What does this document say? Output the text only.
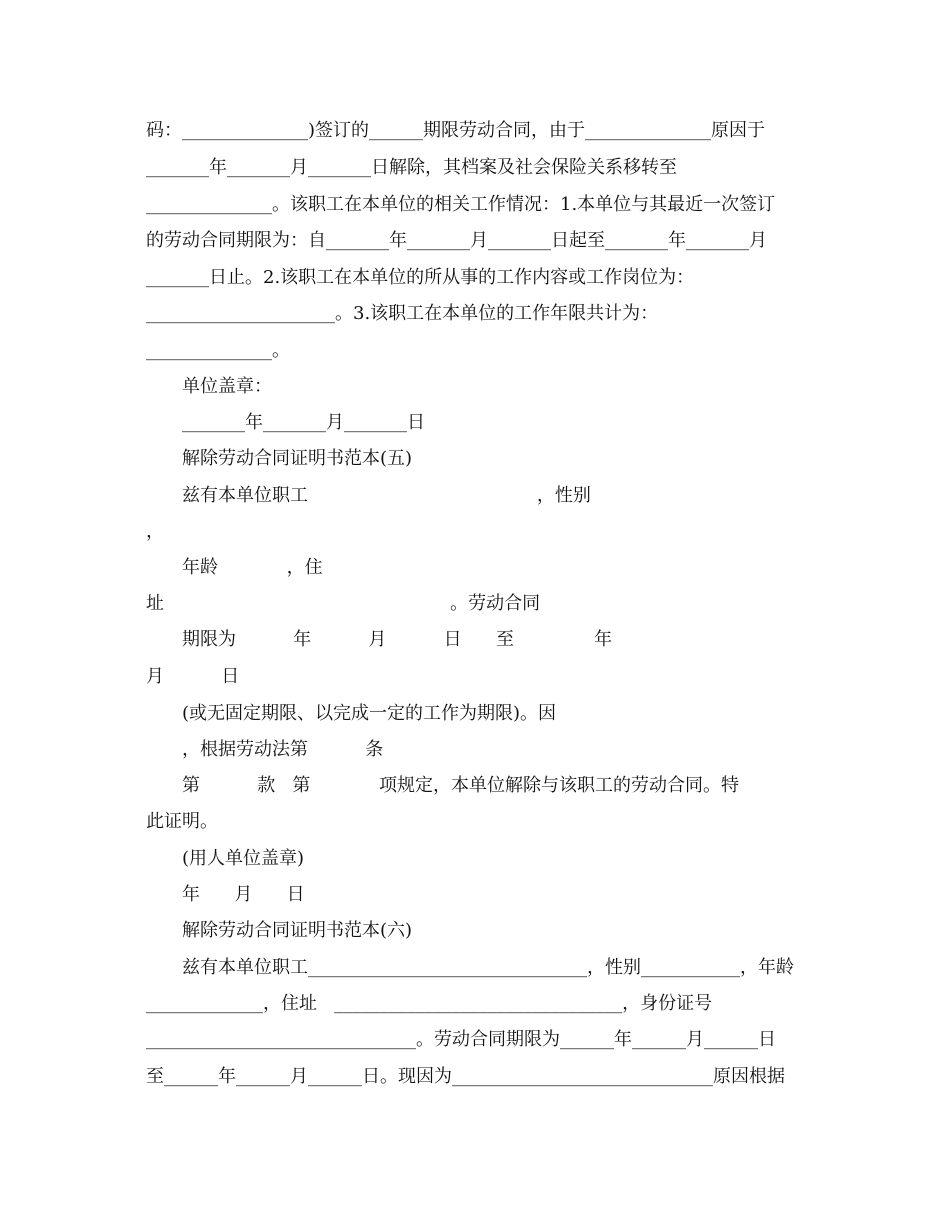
码：______________)签订的______期限劳动合同，由于______________原因于
_______年_______月_______日解除，其档案及社会保险关系移转至
______________。该职工在本单位的相关工作情况：1.本单位与其最近一次签订
的劳动合同期限为：自_______年_______月_______日起至_______年_______月
_______日止。2.该职工在本单位的所从事的工作内容或工作岗位为：
_____________________。3.该职工在本单位的工作年限共计为：
______________。
单位盖章：
_______年_______月_______日
解除劳动合同证明书范本(五)
兹有本单位职工                                        ，性别
，
年龄            ，住
址                                                  。劳动合同
期限为          年          月          日      至              年
月          日
(或无固定期限、以完成一定的工作为期限)。因
，根据劳动法第          条
第          款   第            项规定，本单位解除与该职工的劳动合同。特
此证明。
(用人单位盖章)
年      月      日
解除劳动合同证明书范本(六)
兹有本单位职工_______________________________，性别___________，年龄
_____________，住址   ________________________________，身份证号
______________________________。劳动合同期限为______年______月______日
至______年______月______日。现因为_____________________________原因根据
